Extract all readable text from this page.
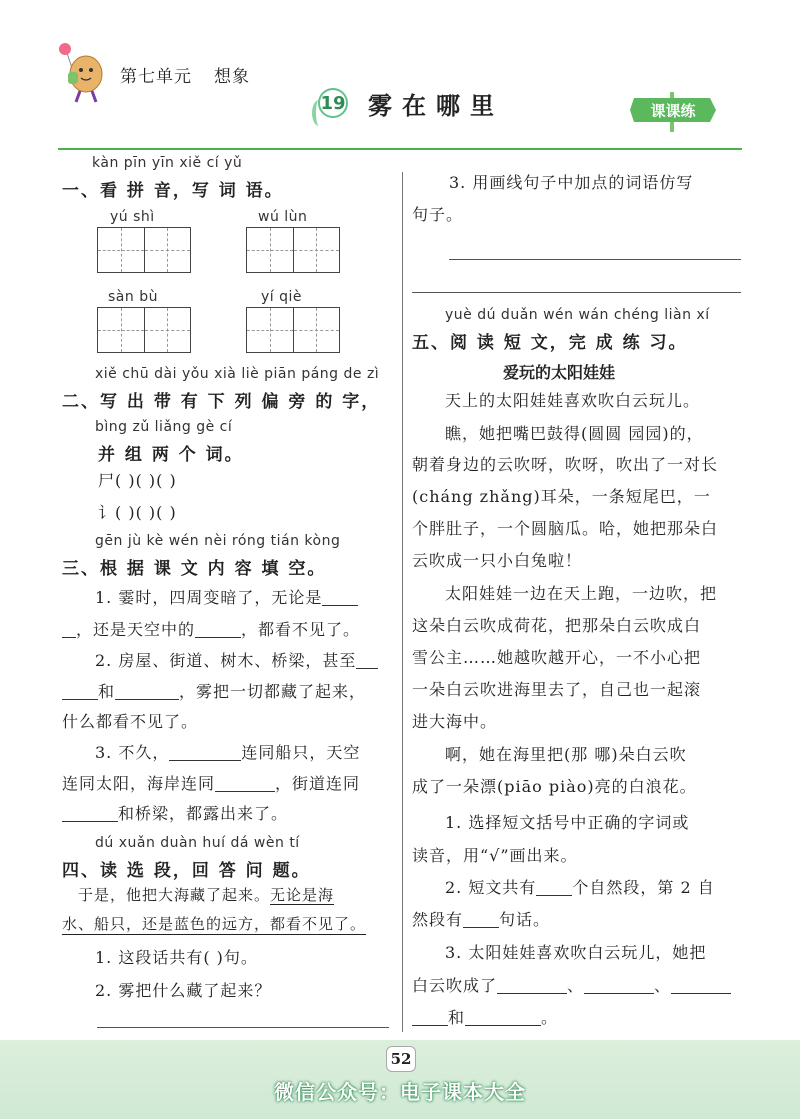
第七单元 想象
19 雾在哪里	课课练
kàn pīn yīn xiě cí yǔ
一、看 拼 音，写 词 语。
yú shì	wú lùn
sàn bù	yí qiè
xiě chū dài yǒu xià liè piān páng de zì
二、写 出 带 有 下 列 偏 旁 的 字，
bìng zǔ liǎng gè cí
并 组 两 个 词。
尸( )( )( )
讠( )( )( )
gēn jù kè wén nèi róng tián kòng
三、根 据 课 文 内 容 填 空。
1. 霎时，四周变暗了，无论是
，还是天空中的	，都看不见了。
2. 房屋、街道、树木、桥梁，甚至
和	，雾把一切都藏了起来，
什么都看不见了。
3. 不久，	连同船只，天空
连同太阳，海岸连同	，街道连同
和桥梁，都露出来了。
dú xuǎn duàn huí dá wèn tí
四、读 选 段，回 答 问 题。
于是，他把大海藏了起来。无论是海
水、船只，还是蓝色的远方，都看不见了。
1. 这段话共有( )句。
2. 雾把什么藏了起来？
3. 用画线句子中加点的词语仿写
句子。
yuè dú duǎn wén wán chéng liàn xí
五、阅 读 短 文，完 成 练 习。
爱玩的太阳娃娃
天上的太阳娃娃喜欢吹白云玩儿。
瞧，她把嘴巴鼓得(圆圆 园园)的，
朝着身边的云吹呀，吹呀，吹出了一对长
(cháng zhǎng)耳朵，一条短尾巴，一
个胖肚子，一个圆脑瓜。哈，她把那朵白
云吹成一只小白兔啦！
太阳娃娃一边在天上跑，一边吹，把
这朵白云吹成荷花，把那朵白云吹成白
雪公主……她越吹越开心，一不小心把
一朵白云吹进海里去了，自己也一起滚
进大海中。
啊，她在海里把(那 哪)朵白云吹
成了一朵漂(piāo piào)亮的白浪花。
1. 选择短文括号中正确的字词或
读音，用“√”画出来。
2. 短文共有 个自然段，第 2 自
然段有 句话。
3. 太阳娃娃喜欢吹白云玩儿，她把
白云吹成了	、	、
和	。
52
微信公众号：电子课本大全
